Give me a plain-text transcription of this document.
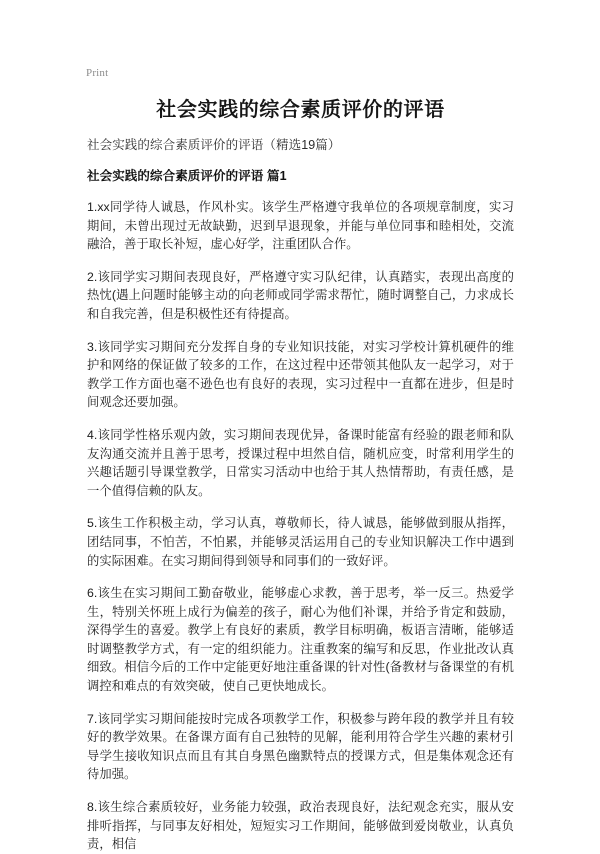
Print
社会实践的综合素质评价的评语

社会实践的综合素质评价的评语（精选19篇）

社会实践的综合素质评价的评语 篇1

1.xx同学待人诚恳，作风朴实。该学生严格遵守我单位的各项规章制度，实习期间，未曾出现过无故缺勤，迟到早退现象，并能与单位同事和睦相处，交流融洽，善于取长补短，虚心好学，注重团队合作。

2.该同学实习期间表现良好，严格遵守实习队纪律，认真踏实，表现出高度的热忱(遇上问题时能够主动的向老师或同学需求帮忙，随时调整自己，力求成长和自我完善，但是积极性还有待提高。

3.该同学实习期间充分发挥自身的专业知识技能，对实习学校计算机硬件的维护和网络的保证做了较多的工作，在这过程中还带领其他队友一起学习，对于教学工作方面也毫不逊色也有良好的表现，实习过程中一直都在进步，但是时间观念还要加强。

4.该同学性格乐观内敛，实习期间表现优异，备课时能富有经验的跟老师和队友沟通交流并且善于思考，授课过程中坦然自信，随机应变，时常利用学生的兴趣话题引导课堂教学，日常实习活动中也给于其人热情帮助，有责任感，是一个值得信赖的队友。

5.该生工作积极主动，学习认真，尊敬师长，待人诚恳，能够做到服从指挥，团结同事，不怕苦，不怕累，并能够灵活运用自己的专业知识解决工作中遇到的实际困难。在实习期间得到领导和同事们的一致好评。

6.该生在实习期间工勤奋敬业，能够虚心求教，善于思考，举一反三。热爱学生，特别关怀班上成行为偏差的孩子，耐心为他们补课，并给予肯定和鼓励，深得学生的喜爱。教学上有良好的素质，教学目标明确，板语言清晰，能够适时调整教学方式，有一定的组织能力。注重教案的编写和反思，作业批改认真细致。相信今后的工作中定能更好地注重备课的针对性(备教材与备课堂的有机调控和难点的有效突破，使自己更快地成长。

7.该同学实习期间能按时完成各项教学工作，积极参与跨年段的教学并且有较好的教学效果。在备课方面有自己独特的见解，能利用符合学生兴趣的素材引导学生接收知识点而且有其自身黑色幽默特点的授课方式，但是集体观念还有待加强。

8.该生综合素质较好，业务能力较强，政治表现良好，法纪观念充实，服从安排听指挥，与同事友好相处，短短实习工作期间，能够做到爱岗敬业，认真负责，相信
